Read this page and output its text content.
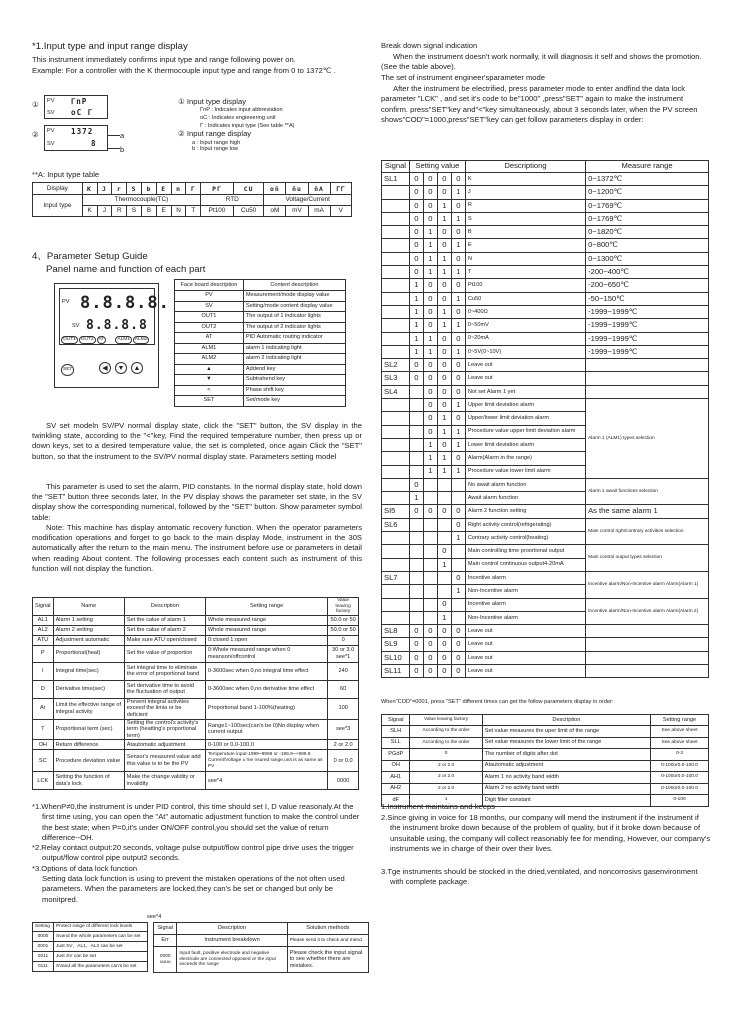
*1.Input type and input range display

This instrument immediately confirms input type and range following power on.

Example: For a controller with the K thermocouple input type and range from 0 to 1372℃ .

①
②
PV
SV
ᒥnP
oC ᒥ
PV
SV
1372
8
a
b
① Input type display
ᒥnP : Indicates input abbreviation
oC : Indicates engieeering unit
ᒥ : Indicates input type (See table **A)
② Input range display
a : Input range high
b : Input range low
**A: Input type table
Display	Ƙ	J	r	S	b	E	n	Γ	PΓ	CU	oñ	ñu	ñA	ᒥᒥ
Input type	Thermocouple(TC)								RTD		Voltage/Current			
	K	J	R	S	B	E	N	T	Pt100	Cu50	oM	mV	mA	V
4、Parameter Setup Guide
Panel name and function of each part
PV 8.8.8.8.
SV 8.8.8.8
OUT1	OUT2	AT	ALM1	ALM2
SET	◀	▼	▲
Face board description	Content description
PV	Measurement/mode display value
SV	Setting/mode content display value
OUT1	The output of 1 indicator lights
OUT2	The output of 2 indicator lights
AT	PID Automatic routing indicator
ALM1	alarm 1 indicating light
ALM2	alarm 2 indicating light
▲	Addend key
▼	Subtrahend key
<	Phase shift key
SET	Set/mode key

SV set modeln SV/PV normal display state, click the "SET" button, the SV display in the twinkling state, according to the "<"key, Find the required temperature number, then press up or down keys, set to a desired temperature value, the set is completed, once again Click the "SET" button, so that the instrument to the SV/PV normal display state. Parameters setting model

This parameter is used to set the alarm, PID constants. In the normal display state, hold down the "SET" button three seconds later, In the PV display shows the parameter set state, in the SV display show the corresponding numerical, followed by the "SET" button. Show parameter symbol table:

Note: This machine has display antomatic recovery function. When the operator parameters modification operations and forget to go back to the main display Mode, instrument in the 30S automatically after the return to the main menu. The instrument before use or parameters in detail when reading About content. The following processes each content such as instrument of this function will not display the function.

Signal	Name	Description	Setting range	Value leaving factory
AL1	Alarm 1 setting	Set the calue of alarm 1	Whole measured range	50.0 or 50
AL2	Alarm 2 setting	Set the calue of alarm 2	Whole measured range	50.0 or 50
ATU	Adjustment automatic	Make sure ATU open/closed	0:closed 1:open	0
P	Proportional(heat)	Set the value of proportion	0:Whole measured range when 0 meanson/offcontrol	30 or 3.0 see*1
I	Integral time(sec)	Set integral time to eliminate the error of proportional band	0-3600sec when 0,no integral time effect	240
D	Derivative time(sec)	Set derivative time to avoid the fluctuation of output	0-3600sec when 0,no derivative time effect	60
Ar	Limit the effective range of integral activity	Prevent integral activities exceed the limia or be deficient	Proportional band 1-100%(heating)	100
T	Proportional term (sec)	Setting the control's activity's term (heatting's proportional term)	Range1~100sec(can's be 0)No display when current output	see*3
OH	Return difference	Atautomatic adjustment	0-100 or 0.0-100.0	2 or 2.0
SC	Procedure deviation value	Sensor's measured value add this value is to be the PV	Temperature input-1999~9999 or -199.9~+999.9 Current/Voltage ± me nsured range,unit is as same as PV	0 or 0.0
LCK	Setting the function of data's lock	Make the change validity or invalidity	see*4	0000

*1.WhenP≠0,the instrument is under PID control, this time should set I, D value reasonaly.At the first time using, you can open the "At" automatic adjustment function to make the control under the best state; when P=0,it's under ON/OFF control,you should set the value of return difference--OH.

*2.Relay contact output:20 seconds, voltage pulse output/flow control pipe drive uses the trigger output/flow control pipe output2 seconds.

*3.Options of data lock function

Setting data lock function is using to prevent the mistaken operations of the not often used parameters. When the parameters are locked,they can's be set or changed but only be monitpred.

see*4
Setting	Protect range of different lock levels
0000	Svand the whole parameters can be set
0001	Just SV、AL1、AL2 can be set
0011	Just SV can be set
0111	SVand all the parameters can's be set
Signal	Description	Solution methods
Err	Instrument breakdown	Please send it to check and mend
0000 uuuu	Input fault, positive electrode and negative electrode are connected opposed or the input exceeds the range	Please check the input signal to see whether there are mistakes.

Break down signal indication

When the instrument doesn't work normally, it will diagnosis it self and shows the promotion.(See the table above).

The set of instrument engineer'sparameter mode

After the instrument be electrified, press parameter mode to enter andfind the data lock parameter "LCK" , and set it's code to be"1000" ,press"SET" again to make the instrument confirm. press"SET"key and"<"key simultaneously, about 3 seconds later, when the PV screen shows"COD"=1000,press"SET"key can get follow parameters display in order:

Signal	Setting value				Descriptiong	Measure range
SL1	0	0	0	0	K	0~1372℃
	0	0	0	1	J	0~1200℃
	0	0	1	0	R	0~1769℃
	0	0	1	1	S	0~1769℃
	0	1	0	0	B	0~1820℃
	0	1	0	1	E	0~800℃
	0	1	1	0	N	0~1300℃
	0	1	1	1	T	-200~400℃
	1	0	0	0	Pt100	-200~650℃
	1	0	0	1	Cu50	-50~150℃
	1	0	1	0	0~400Ω	-1999~1999℃
	1	0	1	1	0~50mV	-1999~1999℃
	1	1	0	0	0~20mA	-1999~1999℃
	1	1	0	1	0~5V(0~10V)	-1999~1999℃
SL2	0	0	0	0	Leave out	
SL3	0	0	0	0	Leave out	
SL4		0	0	0	Not set Alarm 1 yet	
		0	0	1	Upper limit deviation alarm	Alarm 1 (ALM1) types selection
		0	1	0	Upper/lower limit deviation alarm	
		0	1	1	Procedure value upper limit deviation alarm	
		1	0	1	Lower limit deviation alarm	
		1	1	0	Alarm(Alarm in the range)	
		1	1	1	Procedure value lower limit alarm	
	0				No await alarm function	Alarm 1 await functions selection
	1				Await alarm function	
SI5	0	0	0	0	Alarm 2 function setting	As the same alarm 1
SL6				0	Right activity control(refrigerating)	Main control right/contrary activities selection
				1	Contrary activity control(heating)	
			0		Main controlling time proortional output	Main control output types selection
			1		Main control continuous output4-20mA	
SL7				0	Incentive alarm	Incentive alarm/Non-Incentive alarm Alarm(Alarm 1)
				1	Non-Incentive alarm	
			0		Incentive alarm	Incentive alarm/Non-Incentive alarm Alarm(Alarm 2)
			1		Non-Incentive alarm	
SL8	0	0	0	0	Leave out	
SL9	0	0	0	0	Leave out	
SL10	0	0	0	0	Leave out	
SL11	0	0	0	0	Leave out	

When"COD"=0001, press "SET" different times can get the follow parameters display in order:

Signal	Value leaving factory	Description	Setting range
SLH	According to the order	Set value measures the uper limit of the range	See above sheet
SLL	According to the order	Set value measures the lower limit of the range	See above sheet
PGdP	0	The number of digits after dot	0-3
OH	2 or 2.0	Atautomatic adjustment	0-100or0.0-100.0
AH1	2 or 2.0	Alarm 1 no activity band width	0-100or0.0-100.0
AH2	2 or 2.0	Alarm 2 no activity band width	0-100or0.0-100.0
dF	1	Digit filter constant	0-100

1.Instrument maintains and keeps

2.Since giving in voice for 18 months, our company will mend the instrument if the instrument if the instrument broke down because of the problem of quality, but if it broke down because of unsuitable using, the company will collect reasonably fee for mending, However, our company's instruments we in charge of their over their lives.

3.Tge instruments should be stocked in the dried,ventilated, and noncorrosivs gasenvironment with complete package.
